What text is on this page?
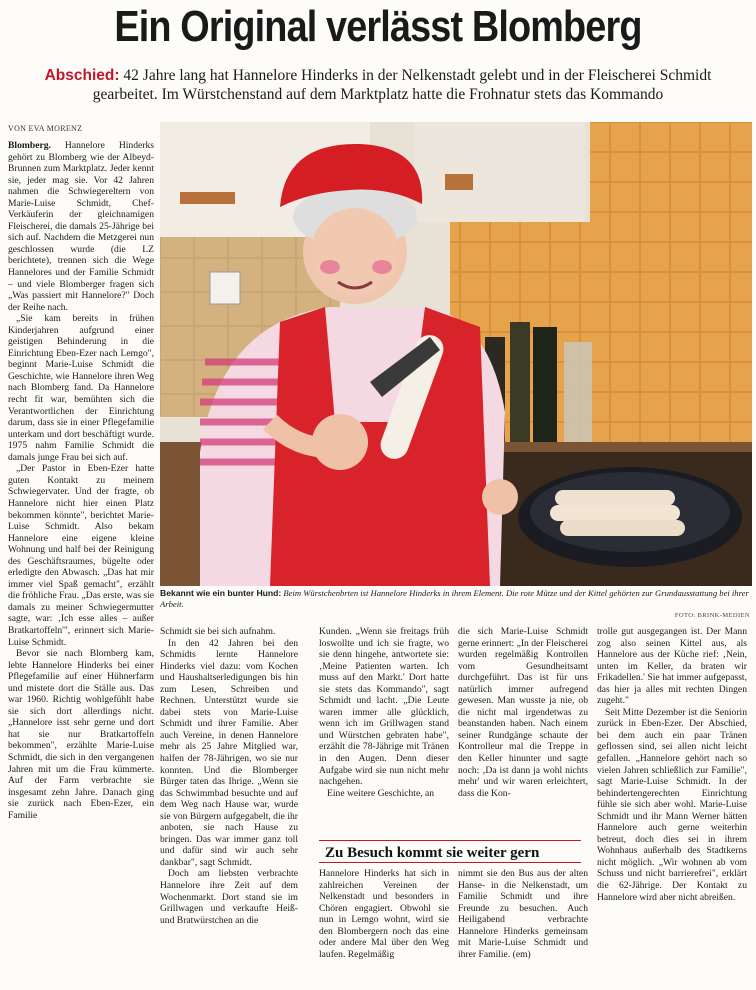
Ein Original verlässt Blomberg
Abschied: 42 Jahre lang hat Hannelore Hinderks in der Nelkenstadt gelebt und in der Fleischerei Schmidt gearbeitet. Im Würstchenstand auf dem Marktplatz hatte die Frohnatur stets das Kommando
VON EVA MORENZ

Blomberg. Hannelore Hinderks gehört zu Blomberg wie der Albeyd-Brunnen zum Marktplatz. Jeder kennt sie, jeder mag sie. Vor 42 Jahren nahmen die Schwiegereltern von Marie-Luise Schmidt, Chef-Verkäuferin der gleichnamigen Fleischerei, die damals 25-Jährige bei sich auf. Nachdem die Metzgerei nun geschlossen wurde (die LZ berichtete), trennen sich die Wege Hannelores und der Familie Schmidt – und viele Blomberger fragen sich „Was passiert mit Hannelore?" Doch der Reihe nach.

„Sie kam bereits in frühen Kinderjahren aufgrund einer geistigen Behinderung in die Einrichtung Eben-Ezer nach Lemgo", beginnt Marie-Luise Schmidt die Geschichte, wie Hannelore ihren Weg nach Blomberg fand. Da Hannelore recht fit war, bemühten sich die Verantwortlichen der Einrichtung darum, dass sie in einer Pflegefamilie unterkam und dort beschäftigt wurde. 1975 nahm Familie Schmidt die damals junge Frau bei sich auf.

„Der Pastor in Eben-Ezer hatte guten Kontakt zu meinem Schwiegervater. Und der fragte, ob Hannelore nicht hier einen Platz bekommen könnte", berichtet Marie-Luise Schmidt. Also bekam Hannelore eine eigene kleine Wohnung und half bei der Reinigung des Geschäftsraumes, bügelte oder erledigte den Abwasch. „Das hat mir immer viel Spaß gemacht", erzählt die fröhliche Frau. „Das erste, was sie damals zu meiner Schwiegermutter sagte, war: ‚Ich esse alles – außer Bratkartoffeln'", erinnert sich Marie-Luise Schmidt.

Bevor sie nach Blomberg kam, lebte Hannelore Hinderks bei einer Pflegefamilie auf einer Hühnerfarm und mistete dort die Ställe aus. Das war 1960. Richtig wohlgefühlt habe sie sich dort allerdings nicht. „Hannelore isst sehr gerne und dort hat sie nur Bratkartoffeln bekommen", erzählte Marie-Luise Schmidt, die sich in den vergangenen Jahren mit um die Frau kümmerte. Auf der Farm verbrachte sie insgesamt zehn Jahre. Danach ging sie zurück nach Eben-Ezer, ein Familie

Bekannt wie ein bunter Hund: Beim Würstchenbrten ist Hannelore Hinderks in ihrem Element. Die rote Mütze und der Kittel gehörten zur Grundausstattung bei ihrer Arbeit.
FOTO: BRINK-MEDIEN

Schmidt sie bei sich aufnahm.

In den 42 Jahren bei den Schmidts lernte Hannelore Hinderks viel dazu: vom Kochen und Haushaltserledigungen bis hin zum Lesen, Schreiben und Rechnen. Unterstützt wurde sie dabei stets von Marie-Luise Schmidt und ihrer Familie. Aber auch Vereine, in denen Hannelore mehr als 25 Jahre Mitglied war, halfen der 78-Jährigen, wo sie nur konnten. Und die Blomberger Bürger taten das Ihrige. „Wenn sie das Schwimmbad besuchte und auf dem Weg nach Hause war, wurde sie von Bürgern aufgegabelt, die ihr anboten, sie nach Hause zu bringen. Das war immer ganz toll und dafür sind wir auch sehr dankbar", sagt Schmidt.

Doch am liebsten verbrachte Hannelore ihre Zeit auf dem Wochenmarkt. Dort stand sie im Grillwagen und verkaufte Heiß- und Bratwürstchen an die

Kunden. „Wenn sie freitags früh loswollte und ich sie fragte, wo sie denn hingehe, antwortete sie: ‚Meine Patienten warten. Ich muss auf den Markt.' Dort hatte sie stets das Kommando", sagt Schmidt und lacht. „Die Leute waren immer alle glücklich, wenn ich im Grillwagen stand und Würstchen gebraten habe", erzählt die 78-Jährige mit Tränen in den Augen. Denn dieser Aufgabe wird sie nun nicht mehr nachgehen.

Eine weitere Geschichte, an

die sich Marie-Luise Schmidt gerne erinnert: „In der Fleischerei wurden regelmäßig Kontrollen vom Gesundheitsamt durchgeführt. Das ist für uns natürlich immer aufregend gewesen. Man wusste ja nie, ob die nicht mal irgendetwas zu beanstanden haben. Nach einem seiner Rundgänge schaute der Kontrolleur mal die Treppe in den Keller hinunter und sagte noch: ‚Da ist dann ja wohl nichts mehr' und wir waren erleichtert, dass die Kon-

Zu Besuch kommt sie weiter gern

Hannelore Hinderks hat sich in zahlreichen Vereinen der Nelkenstadt und besonders in Chören engagiert. Obwohl sie nun in Lemgo wohnt, wird sie den Blombergern noch das eine oder andere Mal über den Weg laufen. Regelmäßig

nimmt sie den Bus aus der alten Hanse- in die Nelkenstadt, um Familie Schmidt und ihre Freunde zu besuchen. Auch Heiligabend verbrachte Hannelore Hinderks gemeinsam mit Marie-Luise Schmidt und ihrer Familie. (em)

trolle gut ausgegangen ist. Der Mann zog also seinen Kittel aus, als Hannelore aus der Küche rief: ‚Nein, unten im Keller, da braten wir Frikadellen.' Sie hat immer aufgepasst, das hier ja alles mit rechten Dingen zugeht."

Seit Mitte Dezember ist die Seniorin zurück in Eben-Ezer. Der Abschied, bei dem auch ein paar Tränen geflossen sind, sei allen nicht leicht gefallen. „Hannelore gehört nach so vielen Jahren schließlich zur Familie", sagt Marie-Luise Schmidt. In der behindertengerechten Einrichtung fühle sie sich aber wohl. Marie-Luise Schmidt und ihr Mann Werner hätten Hannelore auch gerne weiterhin betreut, doch dies sei in ihrem Wohnhaus außerhalb des Stadtkerns nicht möglich. „Wir wohnen ab vom Schuss und nicht barrierefrei", erklärt die 62-Jährige. Der Kontakt zu Hannelore wird aber nicht abreißen.
